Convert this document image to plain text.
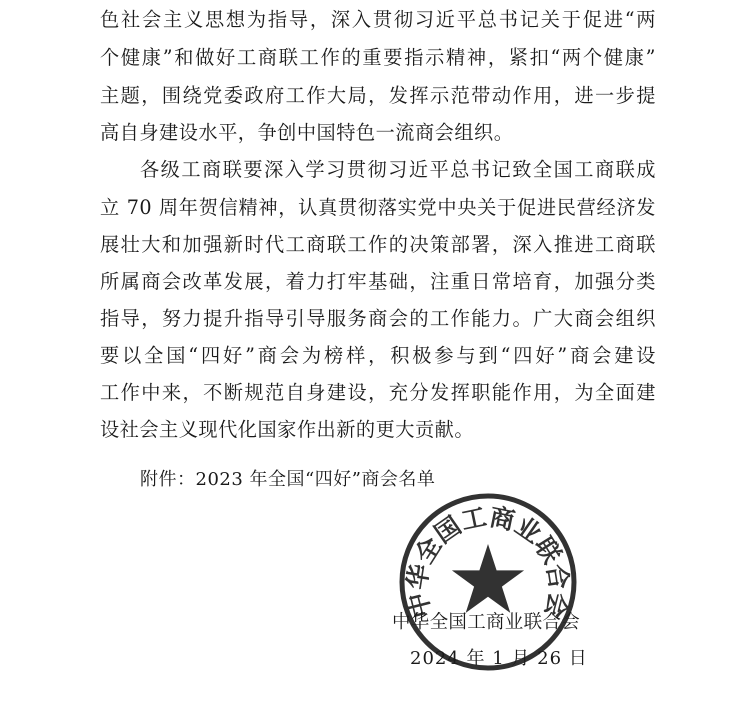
色社会主义思想为指导，深入贯彻习近平总书记关于促进“两
个健康”和做好工商联工作的重要指示精神，紧扣“两个健康”
主题，围绕党委政府工作大局，发挥示范带动作用，进一步提
高自身建设水平，争创中国特色一流商会组织。
各级工商联要深入学习贯彻习近平总书记致全国工商联成
立 70 周年贺信精神，认真贯彻落实党中央关于促进民营经济发
展壮大和加强新时代工商联工作的决策部署，深入推进工商联
所属商会改革发展，着力打牢基础，注重日常培育，加强分类
指导，努力提升指导引导服务商会的工作能力。广大商会组织
要以全国“四好”商会为榜样，积极参与到“四好”商会建设
工作中来，不断规范自身建设，充分发挥职能作用，为全面建
设社会主义现代化国家作出新的更大贡献。
附件：2023 年全国“四好”商会名单
中华全国工商业联合会
2024 年 1 月 26 日
中华全国工商业联合会
